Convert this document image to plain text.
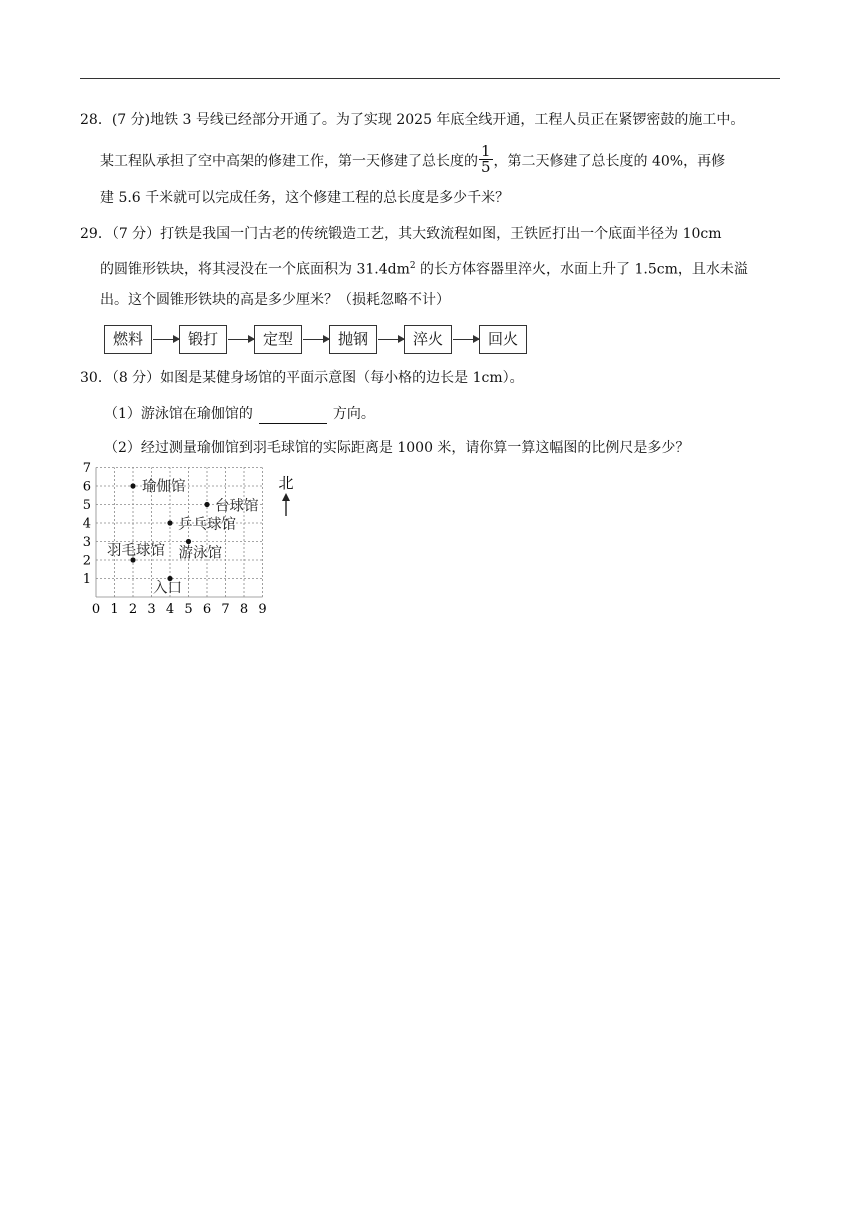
28．(7 分)地铁 3 号线已经部分开通了。为了实现 2025 年底全线开通，工程人员正在紧锣密鼓的施工中。
某工程队承担了空中高架的修建工作，第一天修建了总长度的 $\frac{1}{5}$ ，第二天修建了总长度的 40%，再修
建 5.6 千米就可以完成任务，这个修建工程的总长度是多少千米？
29．（7 分）打铁是我国一门古老的传统锻造工艺，其大致流程如图，王铁匠打出一个底面半径为 10cm
的圆锥形铁块，将其浸没在一个底面积为 $31.4dm^2$ 的长方体容器里淬火，水面上升了 1.5cm，且水未溢
出。这个圆锥形铁块的高是多少厘米？（损耗忽略不计）
燃料	锻打	定型	抛钢	淬火	回火
30．（8 分）如图是某健身场馆的平面示意图（每小格的边长是 1cm）。
（1）游泳馆在瑜伽馆的	方向。
（2）经过测量瑜伽馆到羽毛球馆的实际距离是 1000 米，请你算一算这幅图的比例尺是多少？
0 1 2 3 4 5 6 7 8 9
1
2
3
4
5
6
7
瑜伽馆
台球馆
乒乓球馆
游泳馆
羽毛球馆
入口
北
